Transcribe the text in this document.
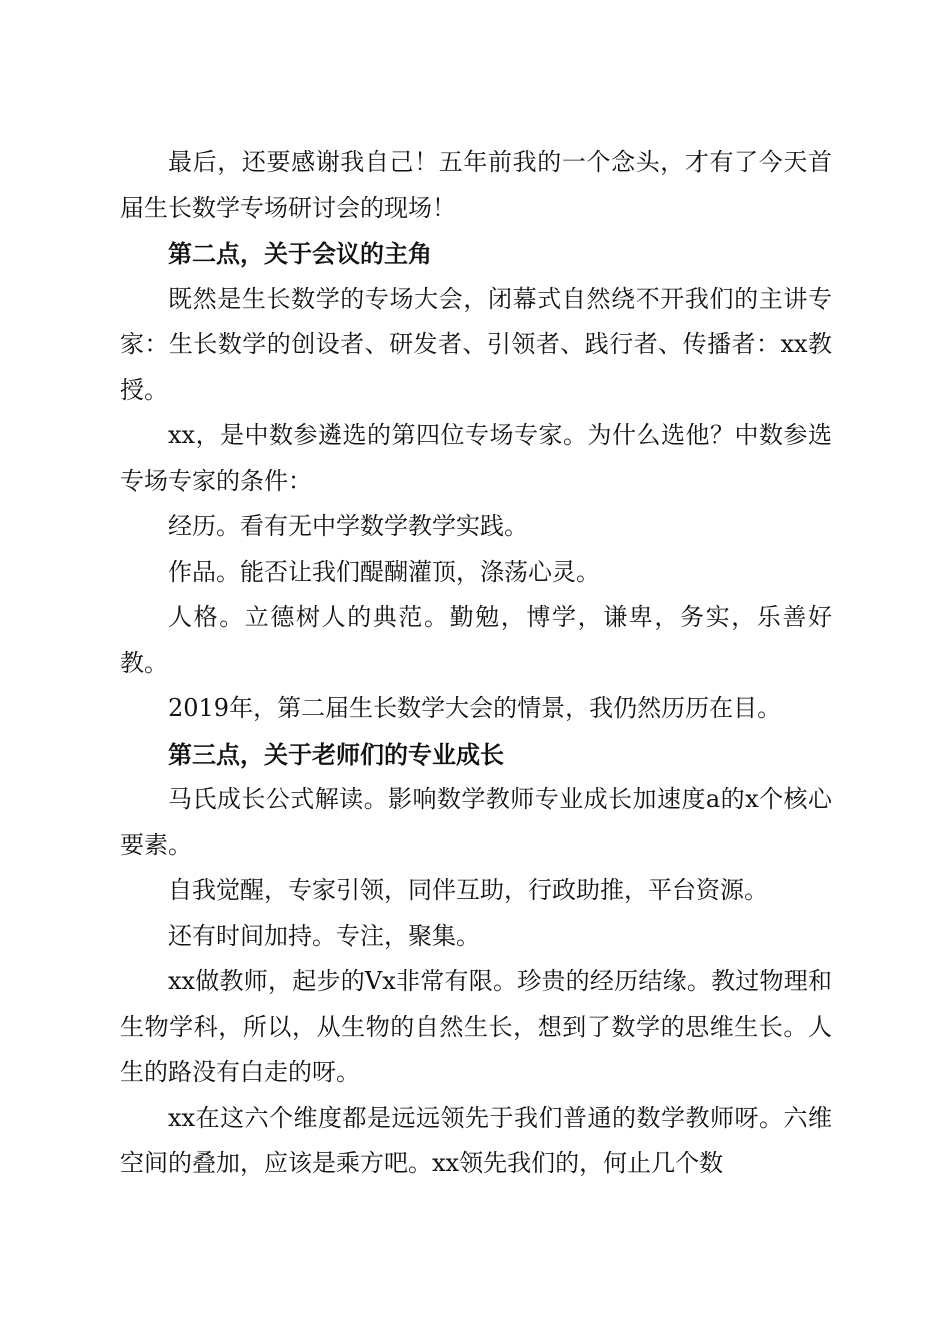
最后，还要感谢我自己！五年前我的一个念头，才有了今天首届生长数学专场研讨会的现场！

第二点，关于会议的主角

既然是生长数学的专场大会，闭幕式自然绕不开我们的主讲专家：生长数学的创设者、研发者、引领者、践行者、传播者：xx教授。

xx，是中数参遴选的第四位专场专家。为什么选他？中数参选专场专家的条件：

经历。看有无中学数学教学实践。

作品。能否让我们醍醐灌顶，涤荡心灵。

人格。立德树人的典范。勤勉，博学，谦卑，务实，乐善好教。

2019年，第二届生长数学大会的情景，我仍然历历在目。

第三点，关于老师们的专业成长

马氏成长公式解读。影响数学教师专业成长加速度a的x个核心要素。

自我觉醒，专家引领，同伴互助，行政助推，平台资源。

还有时间加持。专注，聚集。

xx做教师，起步的Vx非常有限。珍贵的经历结缘。教过物理和生物学科，所以，从生物的自然生长，想到了数学的思维生长。人生的路没有白走的呀。

xx在这六个维度都是远远领先于我们普通的数学教师呀。六维空间的叠加，应该是乘方吧。xx领先我们的，何止几个数
